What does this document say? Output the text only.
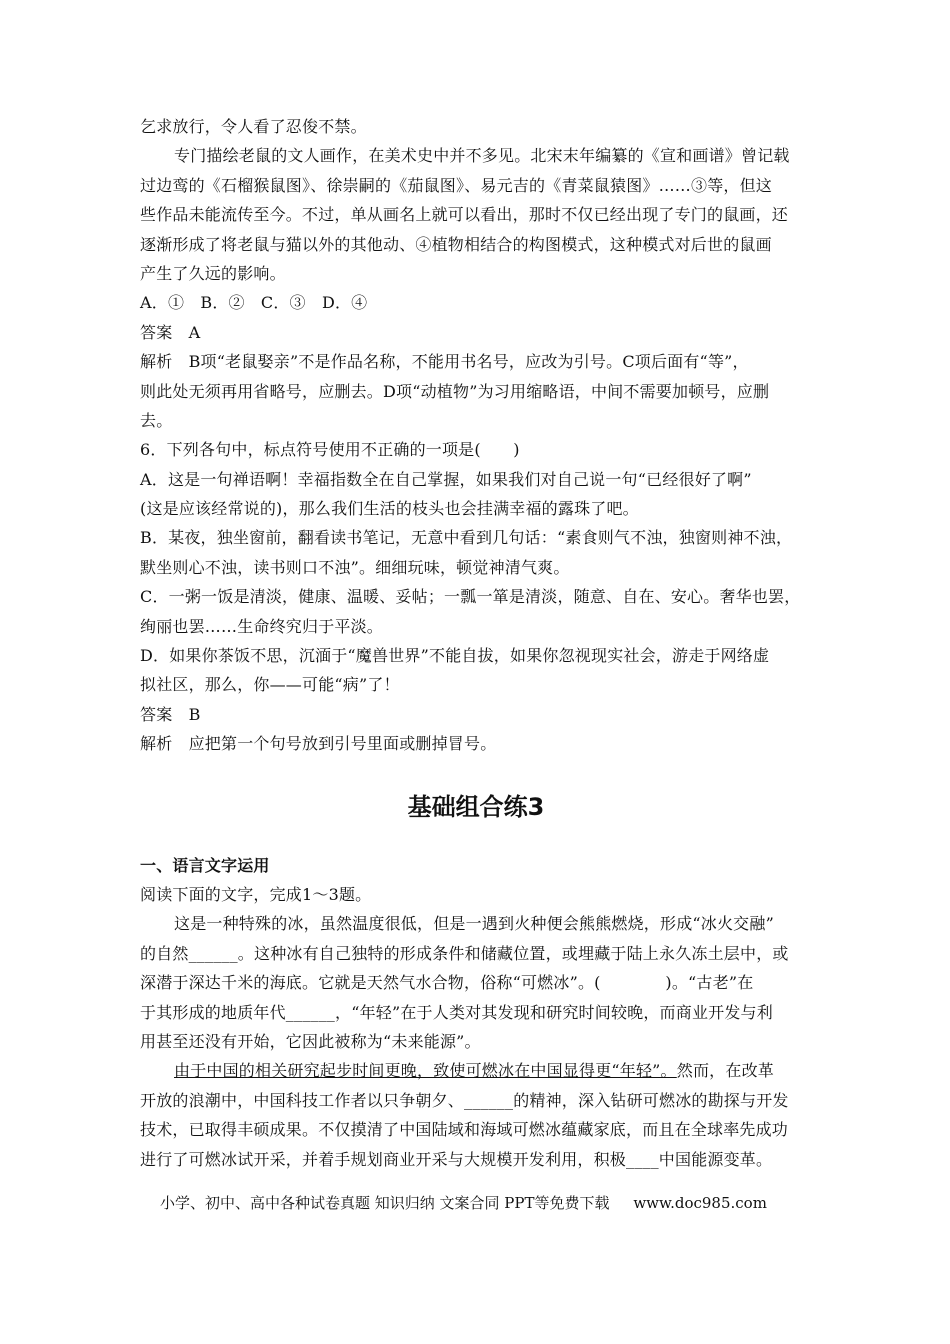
乞求放行，令人看了忍俊不禁。
专门描绘老鼠的文人画作，在美术史中并不多见。北宋末年编纂的《宣和画谱》曾记载
过边鸾的《石榴猴鼠图》、徐崇嗣的《茄鼠图》、易元吉的《青菜鼠猿图》……③等，但这
些作品未能流传至今。不过，单从画名上就可以看出，那时不仅已经出现了专门的鼠画，还
逐渐形成了将老鼠与猫以外的其他动、④植物相结合的构图模式，这种模式对后世的鼠画
产生了久远的影响。
A．①　B．②　C．③　D．④
答案　A
解析　B项“老鼠娶亲”不是作品名称，不能用书名号，应改为引号。C项后面有“等”，
则此处无须再用省略号，应删去。D项“动植物”为习用缩略语，中间不需要加顿号，应删
去。
6．下列各句中，标点符号使用不正确的一项是(　　)
A．这是一句禅语啊！幸福指数全在自己掌握，如果我们对自己说一句“已经很好了啊”
(这是应该经常说的)，那么我们生活的枝头也会挂满幸福的露珠了吧。
B．某夜，独坐窗前，翻看读书笔记，无意中看到几句话：“素食则气不浊，独窗则神不浊，
默坐则心不浊，读书则口不浊”。细细玩味，顿觉神清气爽。
C．一粥一饭是清淡，健康、温暖、妥帖；一瓢一箪是清淡，随意、自在、安心。奢华也罢，
绚丽也罢……生命终究归于平淡。
D．如果你茶饭不思，沉湎于“魔兽世界”不能自拔，如果你忽视现实社会，游走于网络虚
拟社区，那么，你——可能“病”了！
答案　B
解析　应把第一个句号放到引号里面或删掉冒号。
基础组合练3
一、语言文字运用
阅读下面的文字，完成1～3题。
这是一种特殊的冰，虽然温度很低，但是一遇到火种便会熊熊燃烧，形成“冰火交融”
的自然______。这种冰有自己独特的形成条件和储藏位置，或埋藏于陆上永久冻土层中，或
深潜于深达千米的海底。它就是天然气水合物，俗称“可燃冰”。(　　　　)。“古老”在
于其形成的地质年代______，“年轻”在于人类对其发现和研究时间较晚，而商业开发与利
用甚至还没有开始，它因此被称为“未来能源”。
由于中国的相关研究起步时间更晚，致使可燃冰在中国显得更“年轻”。然而，在改革
开放的浪潮中，中国科技工作者以只争朝夕、______的精神，深入钻研可燃冰的勘探与开发
技术，已取得丰硕成果。不仅摸清了中国陆域和海域可燃冰蕴藏家底，而且在全球率先成功
进行了可燃冰试开采，并着手规划商业开采与大规模开发利用，积极____中国能源变革。
小学、初中、高中各种试卷真题 知识归纳 文案合同 PPT等免费下载 www.doc985.com
